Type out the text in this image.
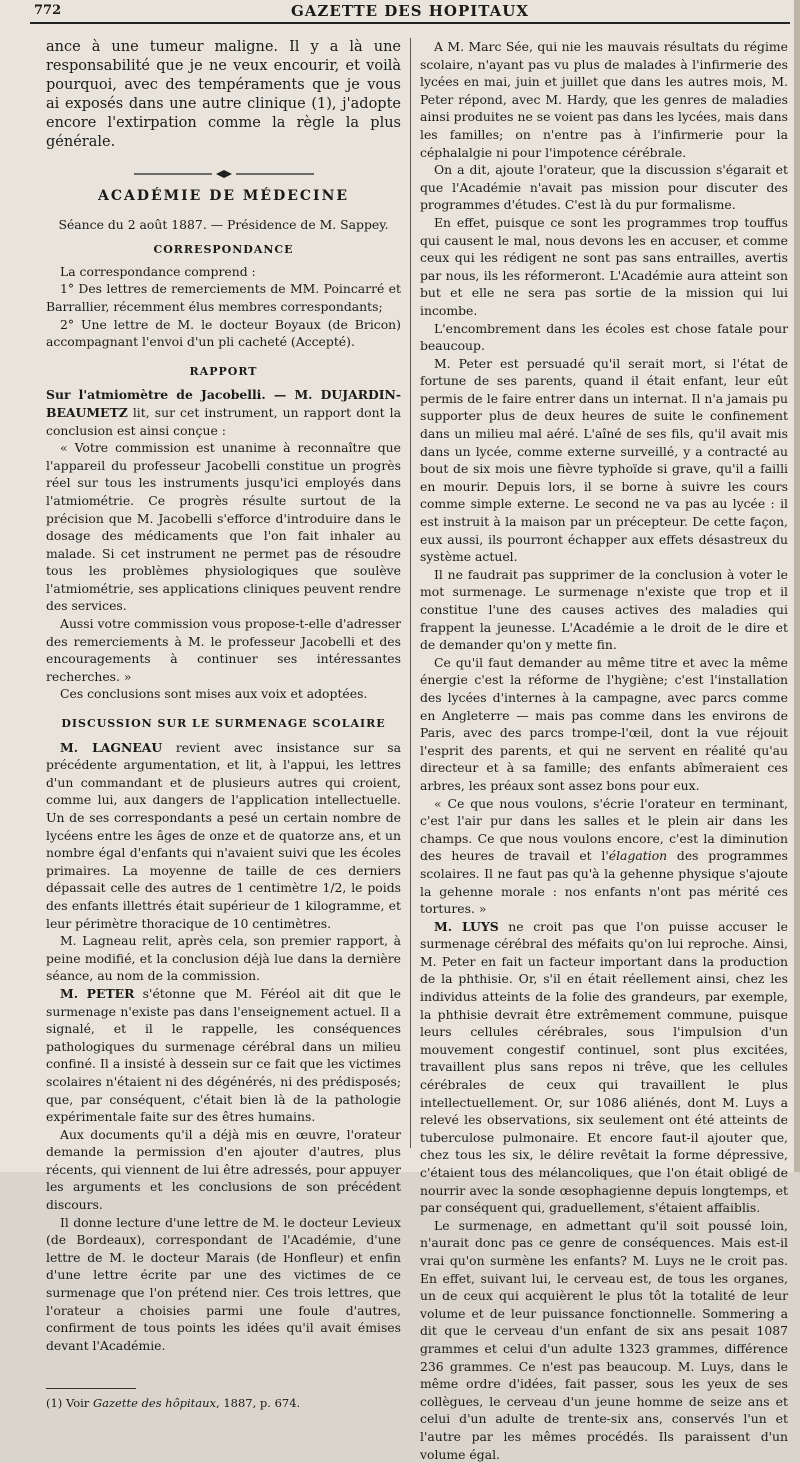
772	GAZETTE DES HOPITAUX

ance à une tumeur maligne. Il y a là une responsabilité que je ne veux encourir, et voilà pourquoi, avec des tempéraments que je vous ai exposés dans une autre clinique (1), j'adopte encore l'extirpation comme la règle la plus générale.

ACADÉMIE DE MÉDECINE

Séance du 2 août 1887. — Présidence de M. Sappey.

CORRESPONDANCE

La correspondance comprend :

1° Des lettres de remerciements de MM. Poincarré et Barrallier, récemment élus membres correspondants;

2° Une lettre de M. le docteur Boyaux (de Bricon) accompagnant l'envoi d'un pli cacheté (Accepté).

RAPPORT

Sur l'atmiomètre de Jacobelli. — M. DUJARDIN-BEAUMETZ lit, sur cet instrument, un rapport dont la conclusion est ainsi conçue :

« Votre commission est unanime à reconnaître que l'appareil du professeur Jacobelli constitue un progrès réel sur tous les instruments jusqu'ici employés dans l'atmiométrie. Ce progrès résulte surtout de la précision que M. Jacobelli s'efforce d'introduire dans le dosage des médicaments que l'on fait inhaler au malade. Si cet instrument ne permet pas de résoudre tous les problèmes physiologiques que soulève l'atmiométrie, ses applications cliniques peuvent rendre des services.

Aussi votre commission vous propose-t-elle d'adresser des remerciements à M. le professeur Jacobelli et des encouragements à continuer ses intéressantes recherches. »

Ces conclusions sont mises aux voix et adoptées.

DISCUSSION SUR LE SURMENAGE SCOLAIRE

M. LAGNEAU revient avec insistance sur sa précédente argumentation, et lit, à l'appui, les lettres d'un commandant et de plusieurs autres qui croient, comme lui, aux dangers de l'application intellectuelle. Un de ses correspondants a pesé un certain nombre de lycéens entre les âges de onze et de quatorze ans, et un nombre égal d'enfants qui n'avaient suivi que les écoles primaires. La moyenne de taille de ces derniers dépassait celle des autres de 1 centimètre 1/2, le poids des enfants illettrés était supérieur de 1 kilogramme, et leur périmètre thoracique de 10 centimètres.

M. Lagneau relit, après cela, son premier rapport, à peine modifié, et la conclusion déjà lue dans la dernière séance, au nom de la commission.

M. PETER s'étonne que M. Féréol ait dit que le surmenage n'existe pas dans l'enseignement actuel. Il a signalé, et il le rappelle, les conséquences pathologiques du surmenage cérébral dans un milieu confiné. Il a insisté à dessein sur ce fait que les victimes scolaires n'étaient ni des dégénérés, ni des prédisposés; que, par conséquent, c'était bien là de la pathologie expérimentale faite sur des êtres humains.

Aux documents qu'il a déjà mis en œuvre, l'orateur demande la permission d'en ajouter d'autres, plus récents, qui viennent de lui être adressés, pour appuyer les arguments et les conclusions de son précédent discours.

Il donne lecture d'une lettre de M. le docteur Levieux (de Bordeaux), correspondant de l'Académie, d'une lettre de M. le docteur Marais (de Honfleur) et enfin d'une lettre écrite par une des victimes de ce surmenage que l'on prétend nier. Ces trois lettres, que l'orateur a choisies parmi une foule d'autres, confirment de tous points les idées qu'il avait émises devant l'Académie.

(1) Voir Gazette des hôpitaux, 1887, p. 674.

A M. Marc Sée, qui nie les mauvais résultats du régime scolaire, n'ayant pas vu plus de malades à l'infirmerie des lycées en mai, juin et juillet que dans les autres mois, M. Peter répond, avec M. Hardy, que les genres de maladies ainsi produites ne se voient pas dans les lycées, mais dans les familles; on n'entre pas à l'infirmerie pour la céphalalgie ni pour l'impotence cérébrale.

On a dit, ajoute l'orateur, que la discussion s'égarait et que l'Académie n'avait pas mission pour discuter des programmes d'études. C'est là du pur formalisme.

En effet, puisque ce sont les programmes trop touffus qui causent le mal, nous devons les en accuser, et comme ceux qui les rédigent ne sont pas sans entrailles, avertis par nous, ils les réformeront. L'Académie aura atteint son but et elle ne sera pas sortie de la mission qui lui incombe.

L'encombrement dans les écoles est chose fatale pour beaucoup.

M. Peter est persuadé qu'il serait mort, si l'état de fortune de ses parents, quand il était enfant, leur eût permis de le faire entrer dans un internat. Il n'a jamais pu supporter plus de deux heures de suite le confinement dans un milieu mal aéré. L'aîné de ses fils, qu'il avait mis dans un lycée, comme externe surveillé, y a contracté au bout de six mois une fièvre typhoïde si grave, qu'il a failli en mourir. Depuis lors, il se borne à suivre les cours comme simple externe. Le second ne va pas au lycée : il est instruit à la maison par un précepteur. De cette façon, eux aussi, ils pourront échapper aux effets désastreux du système actuel.

Il ne faudrait pas supprimer de la conclusion à voter le mot surmenage. Le surmenage n'existe que trop et il constitue l'une des causes actives des maladies qui frappent la jeunesse. L'Académie a le droit de le dire et de demander qu'on y mette fin.

Ce qu'il faut demander au même titre et avec la même énergie c'est la réforme de l'hygiène; c'est l'installation des lycées d'internes à la campagne, avec parcs comme en Angleterre — mais pas comme dans les environs de Paris, avec des parcs trompe-l'œil, dont la vue réjouit l'esprit des parents, et qui ne servent en réalité qu'au directeur et à sa famille; des enfants abîmeraient ces arbres, les préaux sont assez bons pour eux.

« Ce que nous voulons, s'écrie l'orateur en terminant, c'est l'air pur dans les salles et le plein air dans les champs. Ce que nous voulons encore, c'est la diminution des heures de travail et l'élagation des programmes scolaires. Il ne faut pas qu'à la gehenne physique s'ajoute la gehenne morale : nos enfants n'ont pas mérité ces tortures. »

M. LUYS ne croit pas que l'on puisse accuser le surmenage cérébral des méfaits qu'on lui reproche. Ainsi, M. Peter en fait un facteur important dans la production de la phthisie. Or, s'il en était réellement ainsi, chez les individus atteints de la folie des grandeurs, par exemple, la phthisie devrait être extrêmement commune, puisque leurs cellules cérébrales, sous l'impulsion d'un mouvement congestif continuel, sont plus excitées, travaillent plus sans repos ni trêve, que les cellules cérébrales de ceux qui travaillent le plus intellectuellement. Or, sur 1086 aliénés, dont M. Luys a relevé les observations, six seulement ont été atteints de tuberculose pulmonaire. Et encore faut-il ajouter que, chez tous les six, le délire revêtait la forme dépressive, c'étaient tous des mélancoliques, que l'on était obligé de nourrir avec la sonde œsophagienne depuis longtemps, et par conséquent qui, graduellement, s'étaient affaiblis.

Le surmenage, en admettant qu'il soit poussé loin, n'aurait donc pas ce genre de conséquences. Mais est-il vrai qu'on surmène les enfants? M. Luys ne le croit pas. En effet, suivant lui, le cerveau est, de tous les organes, un de ceux qui acquièrent le plus tôt la totalité de leur volume et de leur puissance fonctionnelle. Sommering a dit que le cerveau d'un enfant de six ans pesait 1087 grammes et celui d'un adulte 1323 grammes, différence 236 grammes. Ce n'est pas beaucoup. M. Luys, dans le même ordre d'idées, fait passer, sous les yeux de ses collègues, le cerveau d'un jeune homme de seize ans et celui d'un adulte de trente-six ans, conservés l'un et l'autre par les mêmes procédés. Ils paraissent d'un volume égal.
